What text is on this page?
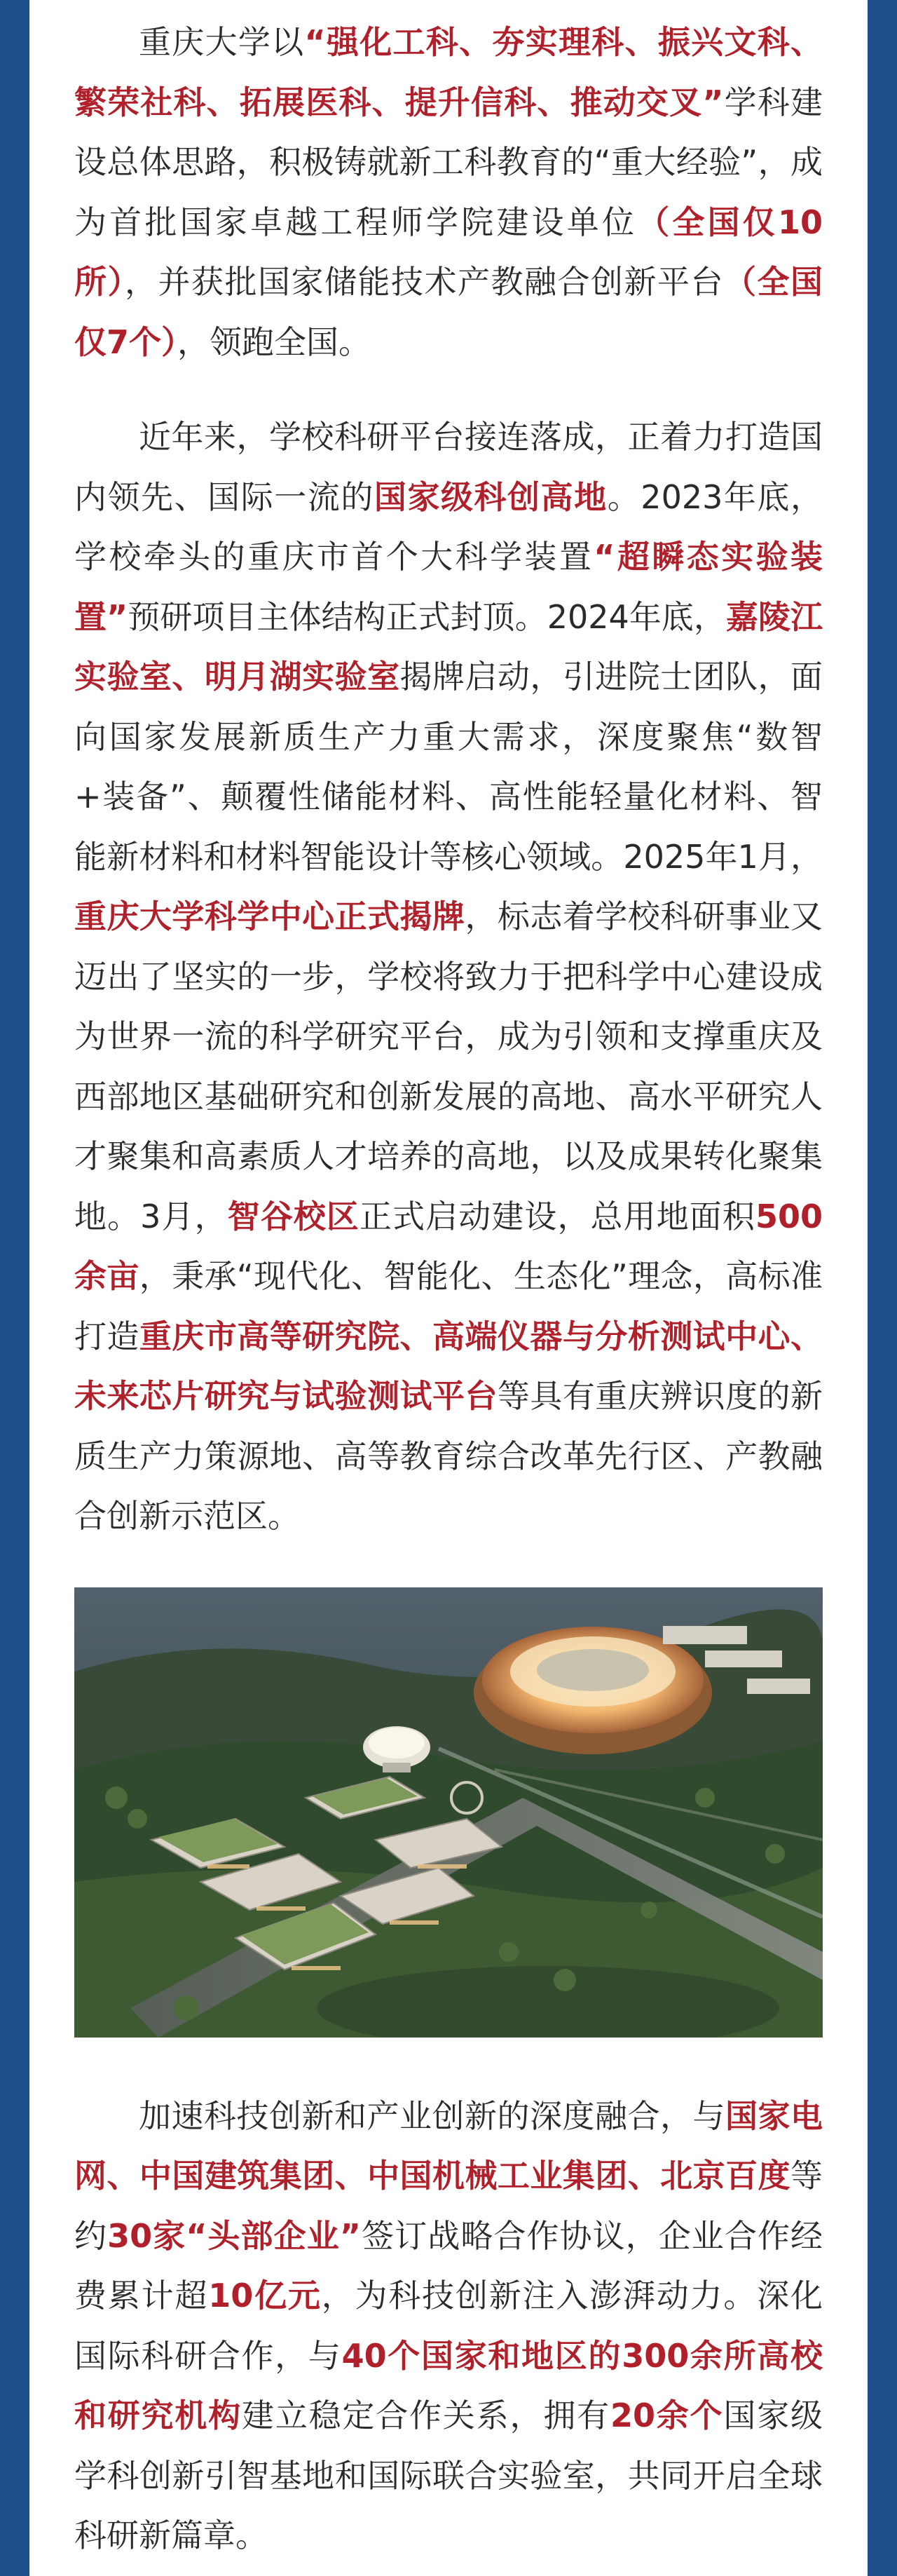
重庆大学以“强化工科、夯实理科、振兴文科、繁荣社科、拓展医科、提升信科、推动交叉”学科建设总体思路，积极铸就新工科教育的“重大经验”，成为首批国家卓越工程师学院建设单位（全国仅10所），并获批国家储能技术产教融合创新平台（全国仅7个），领跑全国。

近年来，学校科研平台接连落成，正着力打造国内领先、国际一流的国家级科创高地。2023年底，学校牵头的重庆市首个大科学装置“超瞬态实验装置”预研项目主体结构正式封顶。2024年底，嘉陵江实验室、明月湖实验室揭牌启动，引进院士团队，面向国家发展新质生产力重大需求，深度聚焦“数智+装备”、颠覆性储能材料、高性能轻量化材料、智能新材料和材料智能设计等核心领域。2025年1月，重庆大学科学中心正式揭牌，标志着学校科研事业又迈出了坚实的一步，学校将致力于把科学中心建设成为世界一流的科学研究平台，成为引领和支撑重庆及西部地区基础研究和创新发展的高地、高水平研究人才聚集和高素质人才培养的高地，以及成果转化聚集地。3月，智谷校区正式启动建设，总用地面积500余亩，秉承“现代化、智能化、生态化”理念，高标准打造重庆市高等研究院、高端仪器与分析测试中心、未来芯片研究与试验测试平台等具有重庆辨识度的新质生产力策源地、高等教育综合改革先行区、产教融合创新示范区。

加速科技创新和产业创新的深度融合，与国家电网、中国建筑集团、中国机械工业集团、北京百度等约30家“头部企业”签订战略合作协议，企业合作经费累计超10亿元，为科技创新注入澎湃动力。深化国际科研合作，与40个国家和地区的300余所高校和研究机构建立稳定合作关系，拥有20余个国家级学科创新引智基地和国际联合实验室，共同开启全球科研新篇章。
